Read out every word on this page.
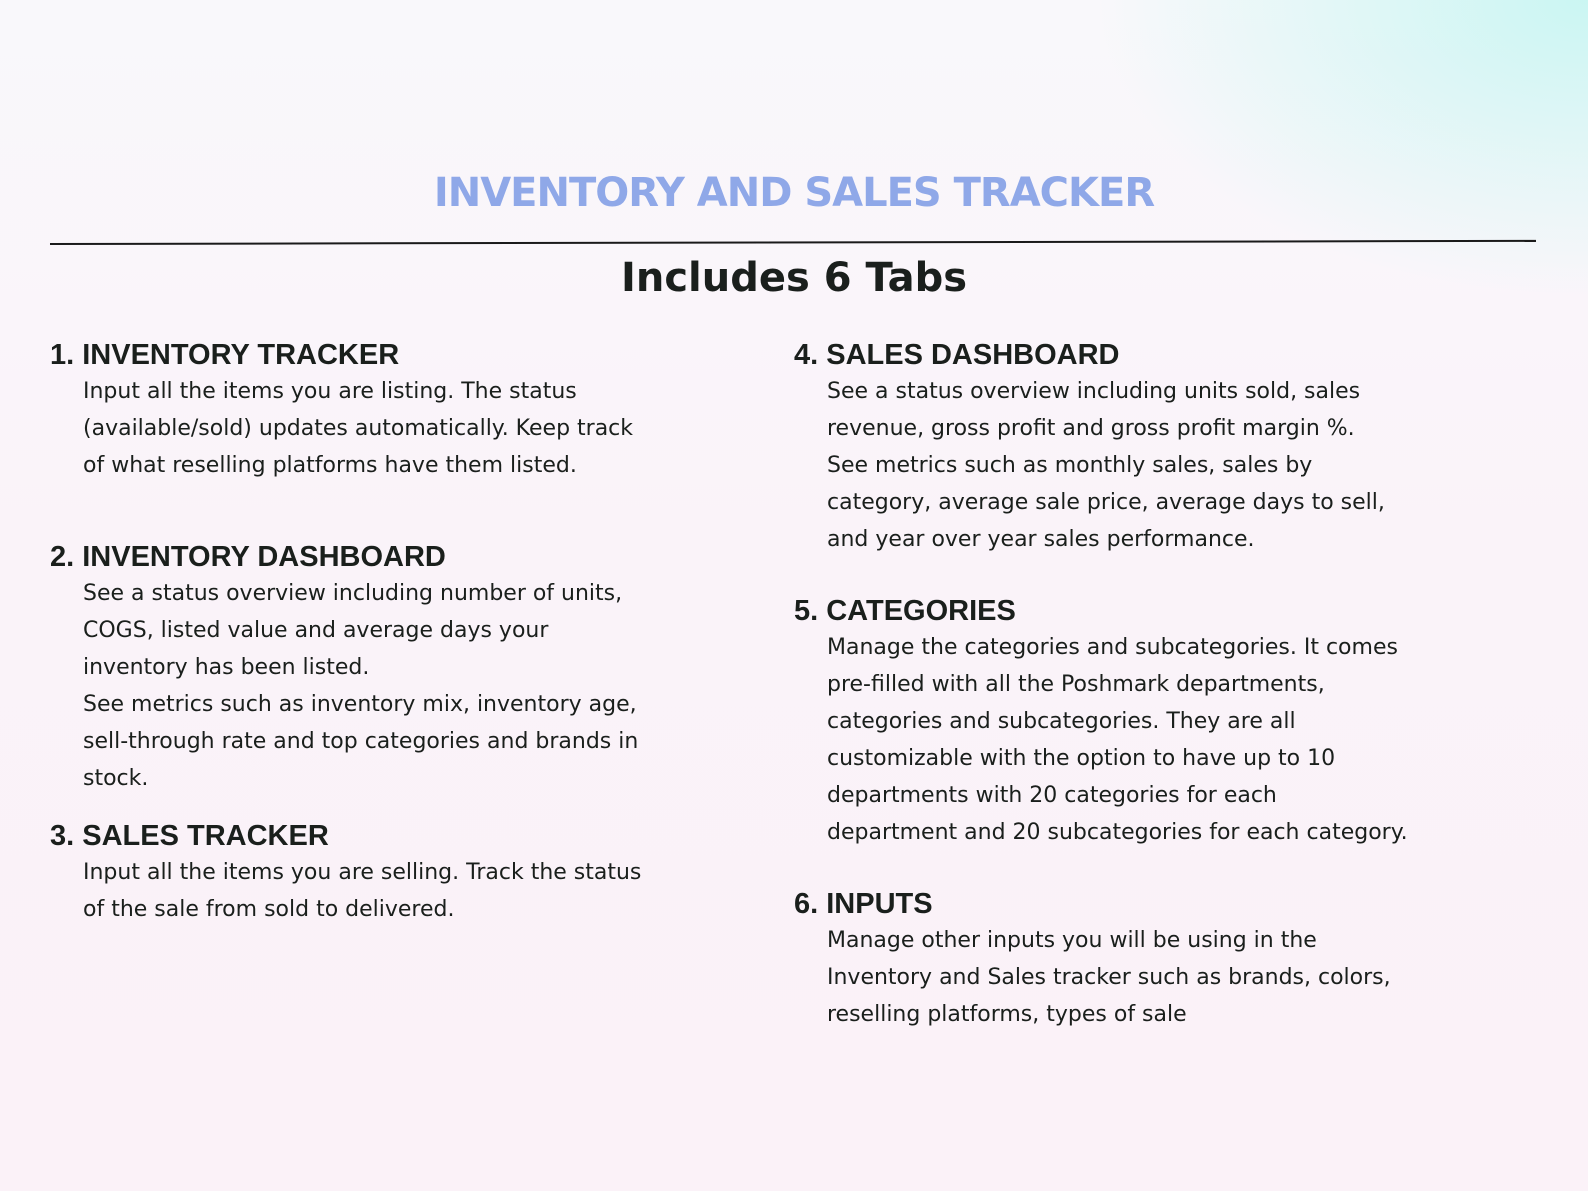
INVENTORY AND SALES TRACKER
Includes 6 Tabs
1. INVENTORY TRACKER

Input all the items you are listing. The status
(available/sold) updates automatically. Keep track
of what reselling platforms have them listed.

2. INVENTORY DASHBOARD

See a status overview including number of units,
COGS, listed value and average days your
inventory has been listed.
See metrics such as inventory mix, inventory age,
sell-through rate and top categories and brands in
stock.

3. SALES TRACKER

Input all the items you are selling. Track the status
of the sale from sold to delivered.

4. SALES DASHBOARD

See a status overview including units sold, sales
revenue, gross profit and gross profit margin %.
See metrics such as monthly sales, sales by
category, average sale price, average days to sell,
and year over year sales performance.

5. CATEGORIES

Manage the categories and subcategories. It comes
pre-filled with all the Poshmark departments,
categories and subcategories. They are all
customizable with the option to have up to 10
departments with 20 categories for each
department and 20 subcategories for each category.

6. INPUTS

Manage other inputs you will be using in the
Inventory and Sales tracker such as brands, colors,
reselling platforms, types of sale
